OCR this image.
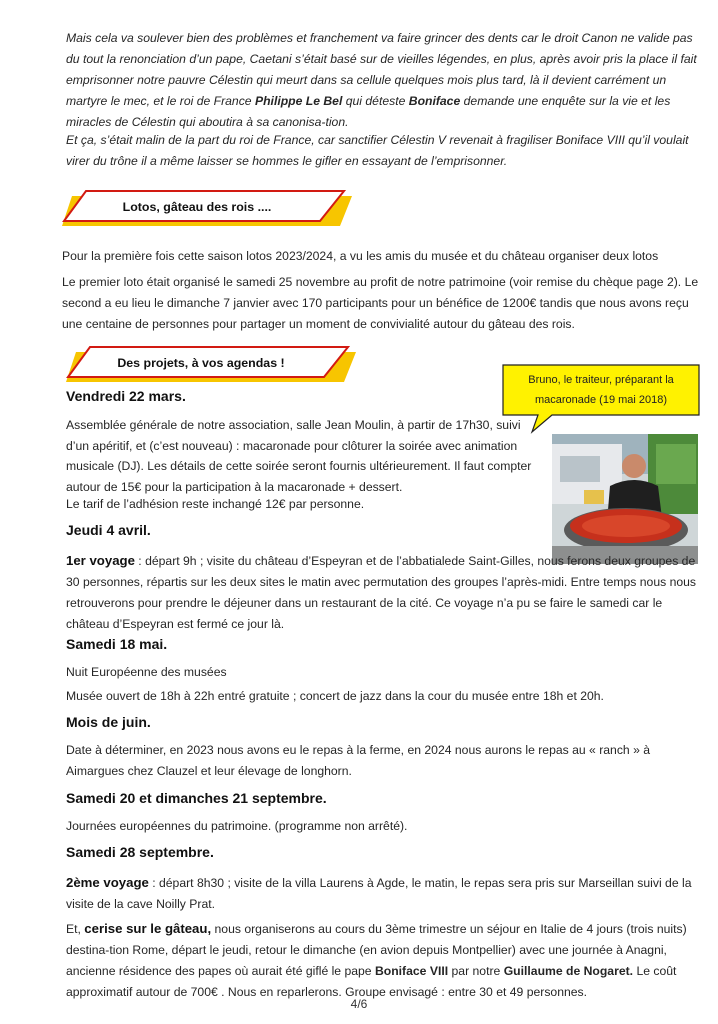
Mais cela va soulever bien des problèmes et franchement va faire grincer des dents car le droit Canon ne valide pas du tout la renonciation d’un pape, Caetani s’était basé sur de vieilles légendes, en plus, après avoir pris la place il fait emprisonner notre pauvre Célestin qui meurt dans sa cellule quelques mois plus tard, là il devient carrément un martyre le mec, et le roi de France Philippe Le Bel qui déteste Boniface demande une enquête sur la vie et les miracles de Célestin qui aboutira à sa canonisa-tion.

Et ça, s’était malin de la part du roi de France, car sanctifier Célestin V revenait à fragiliser Boniface VIII qu’il voulait virer du trône il a même laisser se hommes le gifler en essayant de l’emprisonner.

Lotos, gâteau des rois ....

Pour la première fois cette saison lotos 2023/2024, a vu les amis du musée et du château organiser deux lotos

Le premier loto était organisé le samedi 25 novembre au profit de notre patrimoine (voir remise du chèque page 2). Le second a eu lieu le dimanche 7 janvier avec 170 participants pour un bénéfice de 1200€ tandis que nous avons reçu une centaine de personnes pour partager un moment de convivialité autour du gâteau des rois.

Des projets, à vos agendas !
Bruno, le traiteur, préparant la macaronade (19 mai 2018)
Vendredi 22 mars.

Assemblée générale de notre association, salle Jean Moulin, à partir de 17h30, suivi d’un apéritif, et (c’est nouveau) : macaronade pour clôturer la soirée avec animation musicale (DJ). Les détails de cette soirée seront fournis ultérieurement. Il faut compter autour de 15€ pour la participation à la macaronade + dessert.

Le tarif de l’adhésion reste inchangé 12€ par personne.

Jeudi 4 avril.

1er voyage : départ 9h ; visite du château d’Espeyran et de l’abbatialede Saint-Gilles, nous ferons deux groupes de 30 personnes, répartis sur les deux sites le matin avec permutation des groupes l’après-midi. Entre temps nous nous retrouverons pour prendre le déjeuner dans un restaurant de la cité. Ce voyage n’a pu se faire le samedi car le château d’Espeyran est fermé ce jour là.

Samedi 18 mai.

Nuit Européenne des musées

Musée ouvert de 18h à 22h entré gratuite ; concert de jazz dans la cour du musée entre 18h et 20h.

Mois de juin.

Date à déterminer, en 2023 nous avons eu le repas à la ferme, en 2024 nous aurons le repas au « ranch » à Aimargues chez Clauzel et leur élevage de longhorn.

Samedi 20 et dimanches 21 septembre.

Journées européennes du patrimoine. (programme non arrêté).

Samedi 28 septembre.

2ème voyage : départ 8h30 ; visite de la villa Laurens à Agde, le matin, le repas sera pris sur Marseillan suivi de la visite de la cave Noilly Prat.

Et, cerise sur le gâteau, nous organiserons au cours du 3ème trimestre un séjour en Italie de 4 jours (trois nuits) destina-tion Rome, départ le jeudi, retour le dimanche (en avion depuis Montpellier) avec une journée à Anagni, ancienne résidence des papes où aurait été giflé le pape Boniface VIII par notre Guillaume de Nogaret. Le coût approximatif autour de 700€ . Nous en reparlerons. Groupe envisagé : entre 30 et 49 personnes.

4/6
